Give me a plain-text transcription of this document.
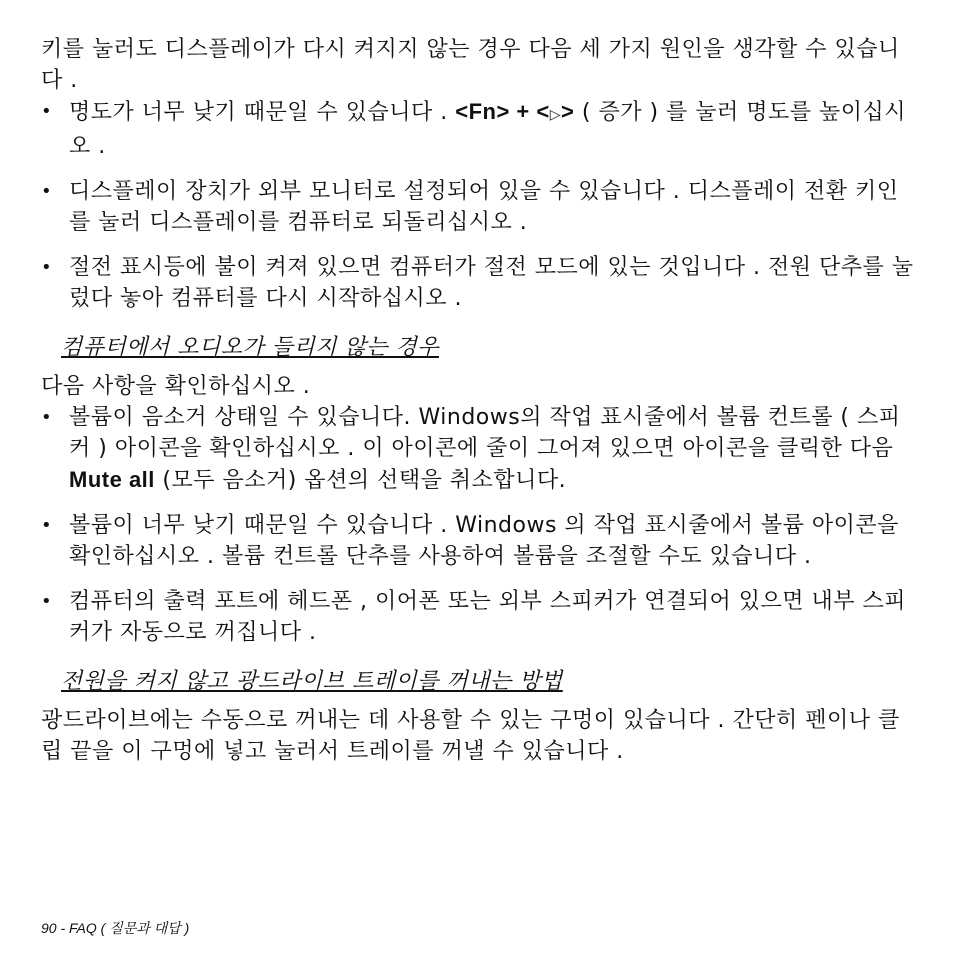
키를 눌러도 디스플레이가 다시 켜지지 않는 경우 다음 세 가지 원인을 생각할 수 있습니다 .

• 명도가 너무 낮기 때문일 수 있습니다 . <Fn> + <▷> ( 증가 ) 를 눌러 명도를 높이십시오 .
• 디스플레이 장치가 외부 모니터로 설정되어 있을 수 있습니다 . 디스플레이 전환 키인를 눌러 디스플레이를 컴퓨터로 되돌리십시오 .
• 절전 표시등에 불이 켜져 있으면 컴퓨터가 절전 모드에 있는 것입니다 . 전원 단추를 눌렀다 놓아 컴퓨터를 다시 시작하십시오 .
컴퓨터에서 오디오가 들리지 않는 경우

다음 사항을 확인하십시오 .

• 볼륨이 음소거 상태일 수 있습니다. Windows의 작업 표시줄에서 볼륨 컨트롤 ( 스피커 ) 아이콘을 확인하십시오 . 이 아이콘에 줄이 그어져 있으면 아이콘을 클릭한 다음 Mute all (모두 음소거) 옵션의 선택을 취소합니다.
• 볼륨이 너무 낮기 때문일 수 있습니다 . Windows 의 작업 표시줄에서 볼륨 아이콘을 확인하십시오 . 볼륨 컨트롤 단추를 사용하여 볼륨을 조절할 수도 있습니다 .
• 컴퓨터의 출력 포트에 헤드폰 , 이어폰 또는 외부 스피커가 연결되어 있으면 내부 스피커가 자동으로 꺼집니다 .
전원을 켜지 않고 광드라이브 트레이를 꺼내는 방법

광드라이브에는 수동으로 꺼내는 데 사용할 수 있는 구멍이 있습니다 . 간단히 펜이나 클립 끝을 이 구멍에 넣고 눌러서 트레이를 꺼낼 수 있습니다 .

90 - FAQ ( 질문과 대답 )
